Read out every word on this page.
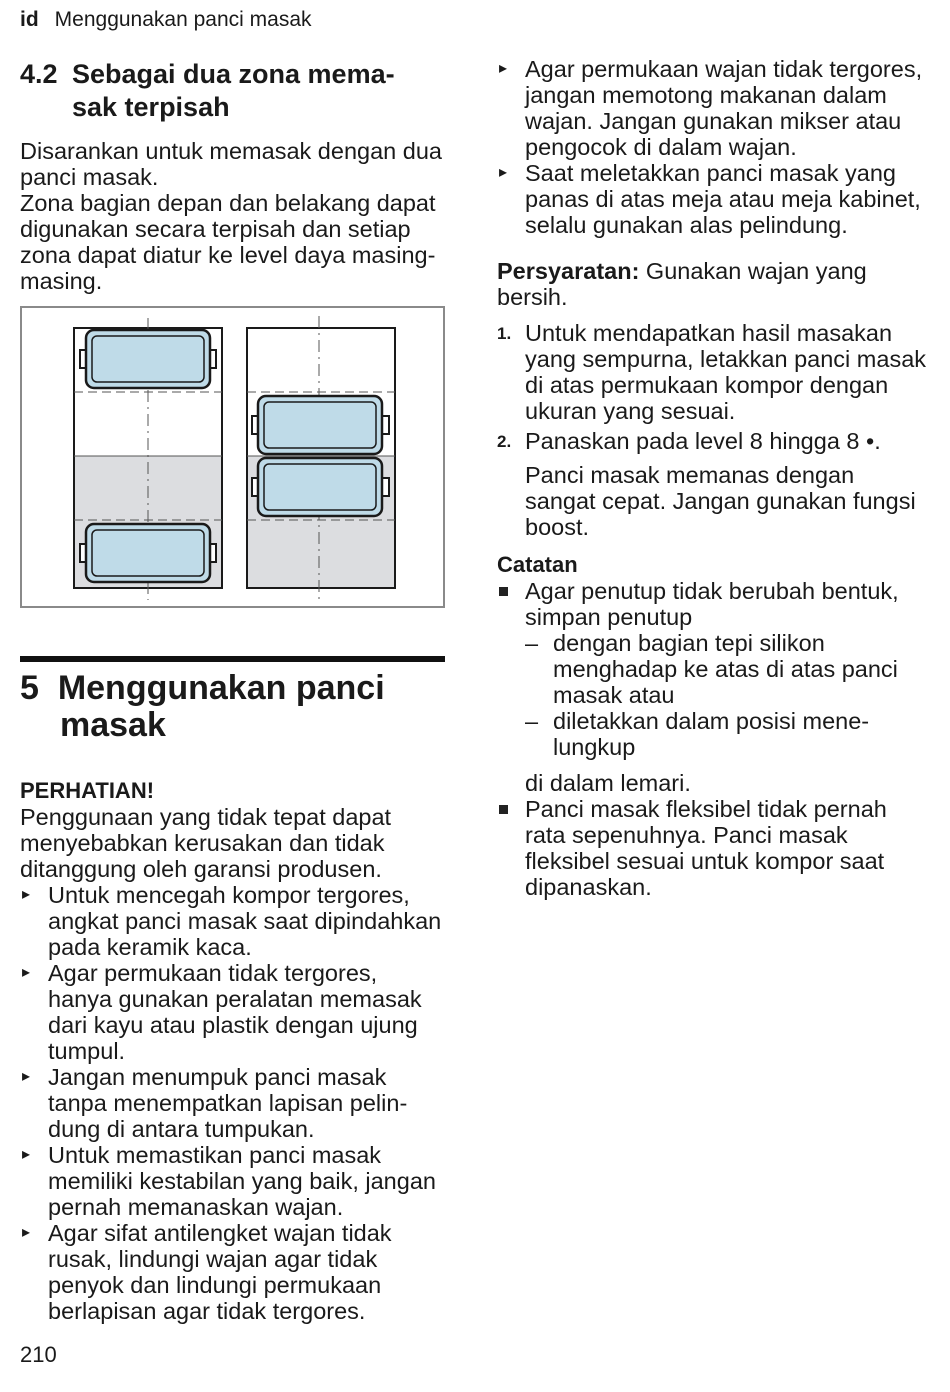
id Menggunakan panci masak
4.2 Sebagai dua zona mema-
sak terpisah

Disarankan untuk memasak dengan dua panci masak.

Zona bagian depan dan belakang dapat digunakan secara terpisah dan setiap zona dapat diatur ke level daya masing-masing.

5 Menggunakan panci
masak

PERHATIAN!

Penggunaan yang tidak tepat dapat menyebabkan kerusakan dan tidak ditanggung oleh garansi produsen.

▸ Untuk mencegah kompor tergores, angkat panci masak saat dipindahkan pada keramik kaca.
▸ Agar permukaan tidak tergores, hanya gunakan peralatan memasak dari kayu atau plastik dengan ujung tumpul.
▸ Jangan menumpuk panci masak tanpa menempatkan lapisan pelindung di antara tumpukan.
▸ Untuk memastikan panci masak memiliki kestabilan yang baik, jangan pernah memanaskan wajan.
▸ Agar sifat antilengket wajan tidak rusak, lindungi wajan agar tidak penyok dan lindungi permukaan berlapisan agar tidak tergores.
▸ Agar permukaan wajan tidak tergores, jangan memotong makanan dalam wajan. Jangan gunakan mikser atau pengocok di dalam wajan.
▸ Saat meletakkan panci masak yang panas di atas meja atau meja kabinet, selalu gunakan alas pelindung.

Persyaratan: Gunakan wajan yang bersih.

1. Untuk mendapatkan hasil masakan yang sempurna, letakkan panci masak di atas permukaan kompor dengan ukuran yang sesuai.
2. Panaskan pada level 8 hingga 8 •.

Panci masak memanas dengan sangat cepat. Jangan gunakan fungsi boost.

Catatan

Agar penutup tidak berubah bentuk, simpan penutup
– dengan bagian tepi silikon menghadap ke atas di atas panci masak atau
– diletakkan dalam posisi menelungkup
di dalam lemari.
Panci masak fleksibel tidak pernah rata sepenuhnya. Panci masak fleksibel sesuai untuk kompor saat dipanaskan.
210
